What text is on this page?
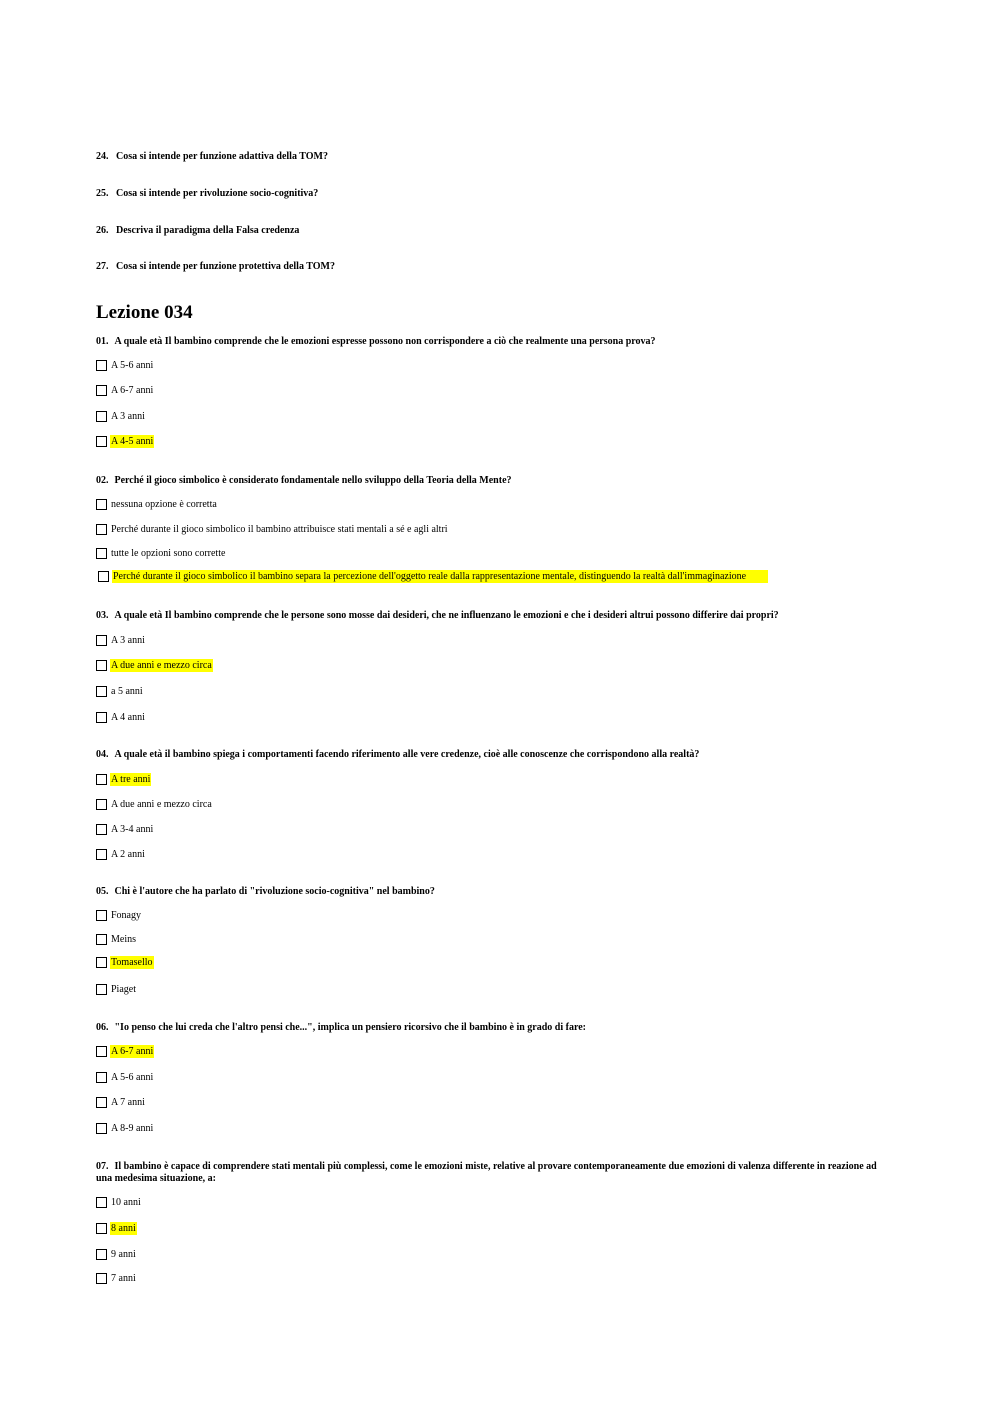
24. Cosa si intende per funzione adattiva della TOM?
25. Cosa si intende per rivoluzione socio-cognitiva?
26. Descriva il paradigma della Falsa credenza
27. Cosa si intende per funzione protettiva della TOM?
Lezione 034
01. A quale età Il bambino comprende che le emozioni espresse possono non corrispondere a ciò che realmente una persona prova?
A 5-6 anni
A 6-7 anni
A 3 anni
A 4-5 anni
02. Perché il gioco simbolico è considerato fondamentale nello sviluppo della Teoria della Mente?
nessuna opzione è corretta
Perché durante il gioco simbolico il bambino attribuisce stati mentali a sé e agli altri
tutte le opzioni sono corrette
Perché durante il gioco simbolico il bambino separa la percezione dell'oggetto reale dalla rappresentazione mentale, distinguendo la realtà dall'immaginazione
03. A quale età Il bambino comprende che le persone sono mosse dai desideri, che ne influenzano le emozioni e che i desideri altrui possono differire dai propri?
A 3 anni
A due anni e mezzo circa
a 5 anni
A 4 anni
04. A quale età il bambino spiega i comportamenti facendo riferimento alle vere credenze, cioè alle conoscenze che corrispondono alla realtà?
A tre anni
A due anni e mezzo circa
A 3-4 anni
A 2 anni
05. Chi è l'autore che ha parlato di "rivoluzione socio-cognitiva" nel bambino?
Fonagy
Meins
Tomasello
Piaget
06. "Io penso che lui creda che l'altro pensi che...", implica un pensiero ricorsivo che il bambino è in grado di fare:
A 6-7 anni
A 5-6 anni
A 7 anni
A 8-9 anni
07. Il bambino è capace di comprendere stati mentali più complessi, come le emozioni miste, relative al provare contemporaneamente due emozioni di valenza differente in reazione ad una medesima situazione, a:
10 anni
8 anni
9 anni
7 anni
